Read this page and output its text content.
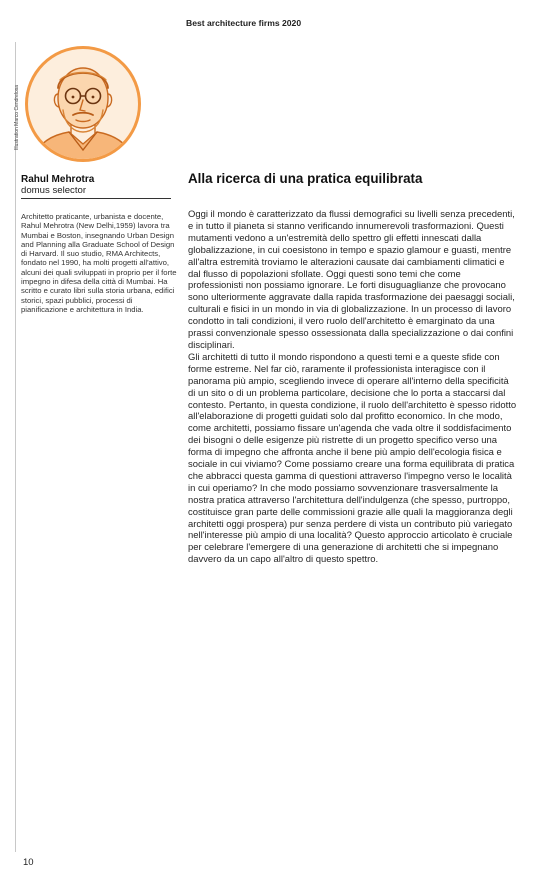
Best architecture firms 2020
Illustration Marco Cendrelosa
Rahul Mehrotra
domus selector
Architetto praticante, urbanista e docente, Rahul Mehrotra (New Delhi,1959) lavora tra Mumbai e Boston, insegnando Urban Design and Planning alla Graduate School of Design di Harvard. Il suo studio, RMA Architects, fondato nel 1990, ha molti progetti all'attivo, alcuni dei quali sviluppati in proprio per il forte impegno in difesa della città di Mumbai. Ha scritto e curato libri sulla storia urbana, edifici storici, spazi pubblici, processi di pianificazione e architettura in India.
Alla ricerca di una pratica equilibrata
Oggi il mondo è caratterizzato da flussi demografici su livelli senza precedenti, e in tutto il pianeta si stanno verificando innumerevoli trasformazioni. Questi mutamenti vedono a un'estremità dello spettro gli effetti innescati dalla globalizzazione, in cui coesistono in tempo e spazio glamour e guasti, mentre all'altra estremità troviamo le alterazioni causate dai cambiamenti climatici e dal flusso di popolazioni sfollate. Oggi questi sono temi che come professionisti non possiamo ignorare. Le forti disuguaglianze che provocano sono ulteriormente aggravate dalla rapida trasformazione dei paesaggi sociali, culturali e fisici in un mondo in via di globalizzazione. In un processo di lavoro condotto in tali condizioni, il vero ruolo dell'architetto è emarginato da una prassi convenzionale spesso ossessionata dalla specializzazione o dai confini disciplinari.
Gli architetti di tutto il mondo rispondono a questi temi e a queste sfide con forme estreme. Nel far ciò, raramente il professionista interagisce con il panorama più ampio, scegliendo invece di operare all'interno della specificità di un sito o di un problema particolare, decisione che lo porta a staccarsi dal contesto. Pertanto, in questa condizione, il ruolo dell'architetto è spesso ridotto all'elaborazione di progetti guidati solo dal profitto economico. In che modo, come architetti, possiamo fissare un'agenda che vada oltre il soddisfacimento dei bisogni o delle esigenze più ristrette di un progetto specifico verso una forma di impegno che affronta anche il bene più ampio dell'ecologia fisica e sociale in cui viviamo? Come possiamo creare una forma equilibrata di pratica che abbracci questa gamma di questioni attraverso l'impegno verso le località in cui operiamo? In che modo possiamo sovvenzionare trasversalmente la nostra pratica attraverso l'architettura dell'indulgenza (che spesso, purtroppo, costituisce gran parte delle commissioni grazie alle quali la maggioranza degli architetti oggi prospera) pur senza perdere di vista un contributo più variegato nell'interesse più ampio di una località? Questo approccio articolato è cruciale per celebrare l'emergere di una generazione di architetti che si impegnano davvero da un capo all'altro di questo spettro.
10
